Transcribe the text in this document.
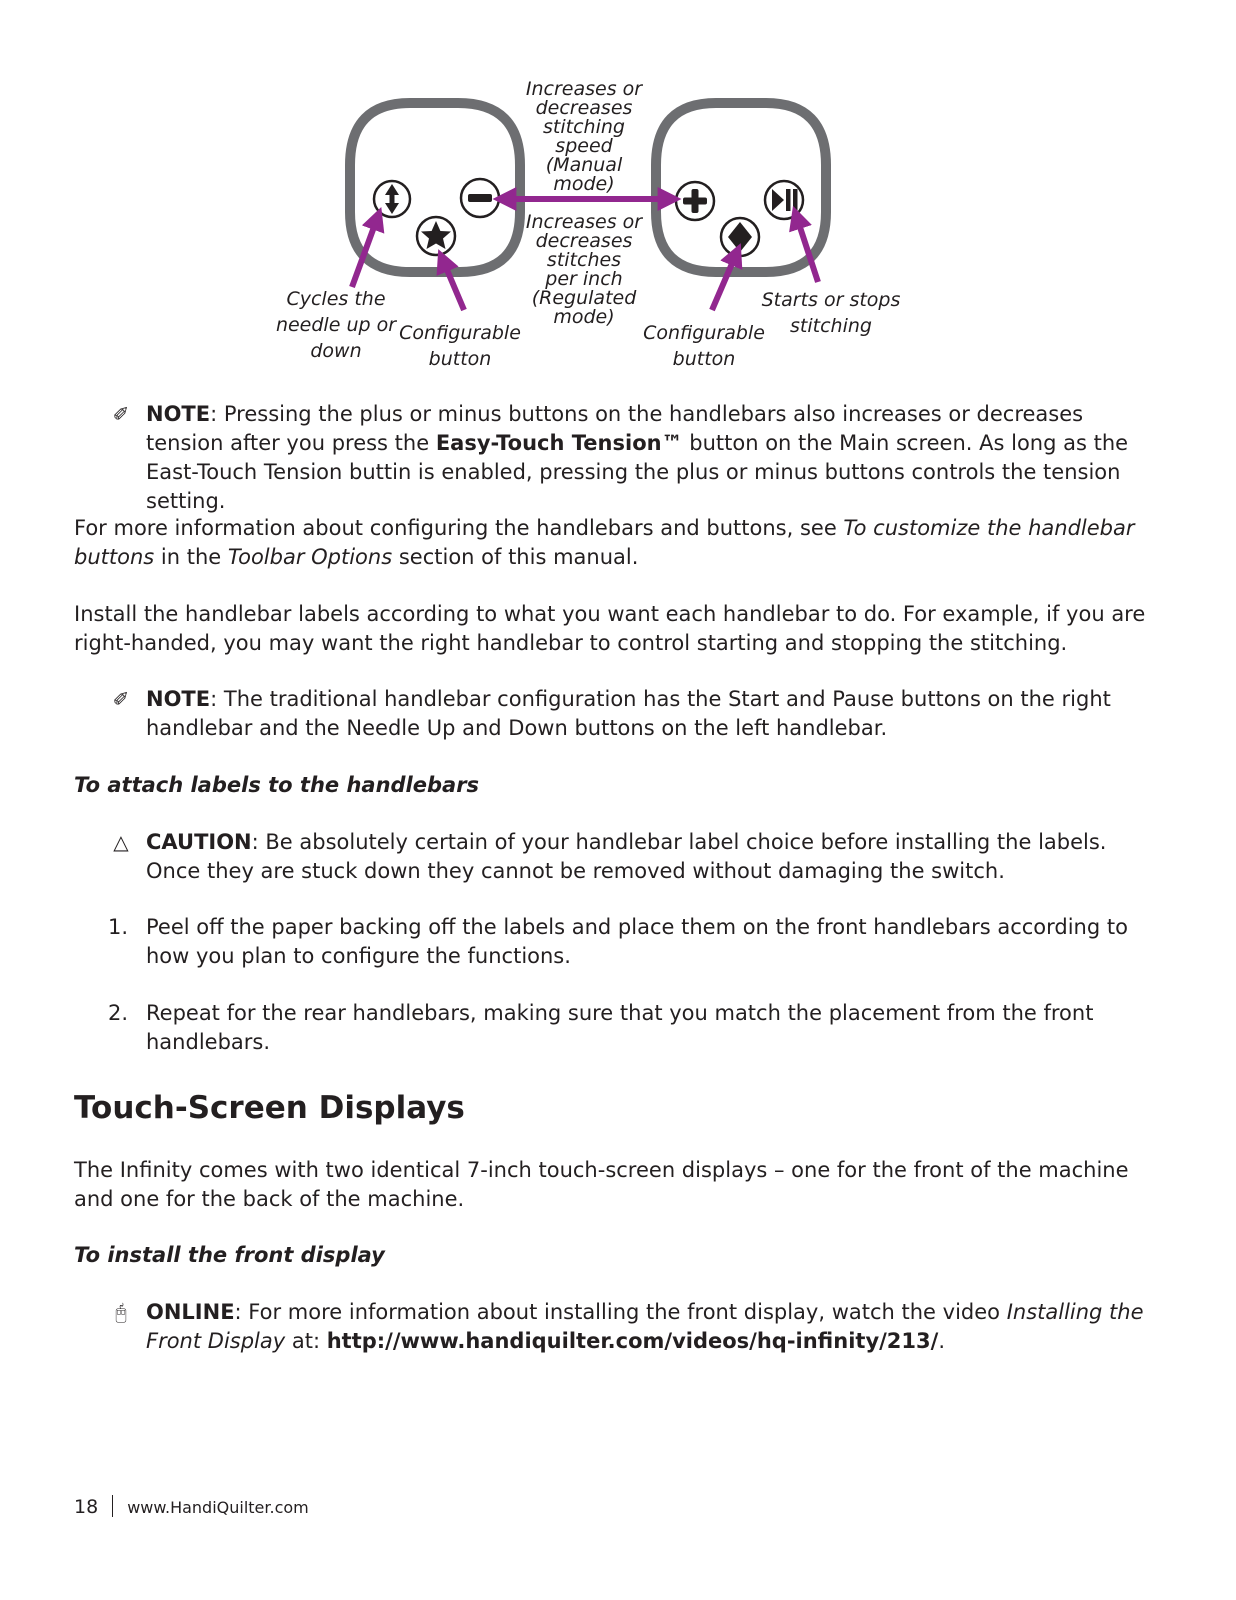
Increases or
decreases
stitching
speed
(Manual
mode)
Increases or
decreases
stitches
per inch
(Regulated
mode)
Cycles the
needle up or
down
Configurable
button
Configurable
button
Starts or stops
stitching
✐ NOTE: Pressing the plus or minus buttons on the handlebars also increases or decreases tension after you press the Easy-Touch Tension™ button on the Main screen. As long as the East-Touch Tension buttin is enabled, pressing the plus or minus buttons controls the tension setting.

For more information about configuring the handlebars and buttons, see To customize the handlebar buttons in the Toolbar Options section of this manual.

Install the handlebar labels according to what you want each handlebar to do. For example, if you are right-handed, you may want the right handlebar to control starting and stopping the stitching.

✐ NOTE: The traditional handlebar configuration has the Start and Pause buttons on the right handlebar and the Needle Up and Down buttons on the left handlebar.

To attach labels to the handlebars

△ CAUTION: Be absolutely certain of your handlebar label choice before installing the labels. Once they are stuck down they cannot be removed without damaging the switch.

1. Peel off the paper backing off the labels and place them on the front handlebars according to how you plan to configure the functions.

2. Repeat for the rear handlebars, making sure that you match the placement from the front handlebars.

Touch-Screen Displays

The Infinity comes with two identical 7-inch touch-screen displays – one for the front of the machine and one for the back of the machine.

To install the front display

🖰 ONLINE: For more information about installing the front display, watch the video Installing the Front Display at: http://www.handiquilter.com/videos/hq-infinity/213/.

18 www.HandiQuilter.com
